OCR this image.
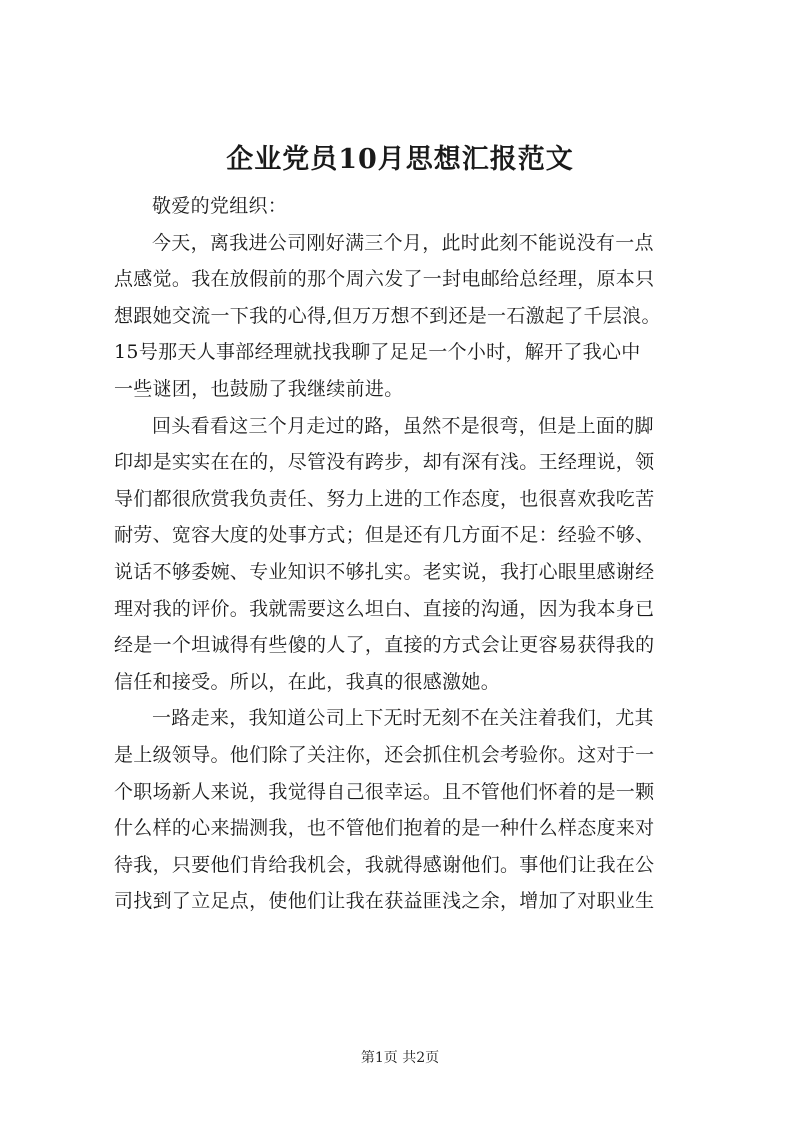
企业党员10月思想汇报范文
敬爱的党组织：
今天，离我进公司刚好满三个月，此时此刻不能说没有一点
点感觉。我在放假前的那个周六发了一封电邮给总经理，原本只
想跟她交流一下我的心得,但万万想不到还是一石激起了千层浪。
15号那天人事部经理就找我聊了足足一个小时，解开了我心中
一些谜团，也鼓励了我继续前进。
回头看看这三个月走过的路，虽然不是很弯，但是上面的脚
印却是实实在在的，尽管没有跨步，却有深有浅。王经理说，领
导们都很欣赏我负责任、努力上进的工作态度，也很喜欢我吃苦
耐劳、宽容大度的处事方式；但是还有几方面不足：经验不够、
说话不够委婉、专业知识不够扎实。老实说，我打心眼里感谢经
理对我的评价。我就需要这么坦白、直接的沟通，因为我本身已
经是一个坦诚得有些傻的人了，直接的方式会让更容易获得我的
信任和接受。所以，在此，我真的很感激她。
一路走来，我知道公司上下无时无刻不在关注着我们，尤其
是上级领导。他们除了关注你，还会抓住机会考验你。这对于一
个职场新人来说，我觉得自己很幸运。且不管他们怀着的是一颗
什么样的心来揣测我，也不管他们抱着的是一种什么样态度来对
待我，只要他们肯给我机会，我就得感谢他们。事他们让我在公
司找到了立足点，使他们让我在获益匪浅之余，增加了对职业生
第1页 共2页
